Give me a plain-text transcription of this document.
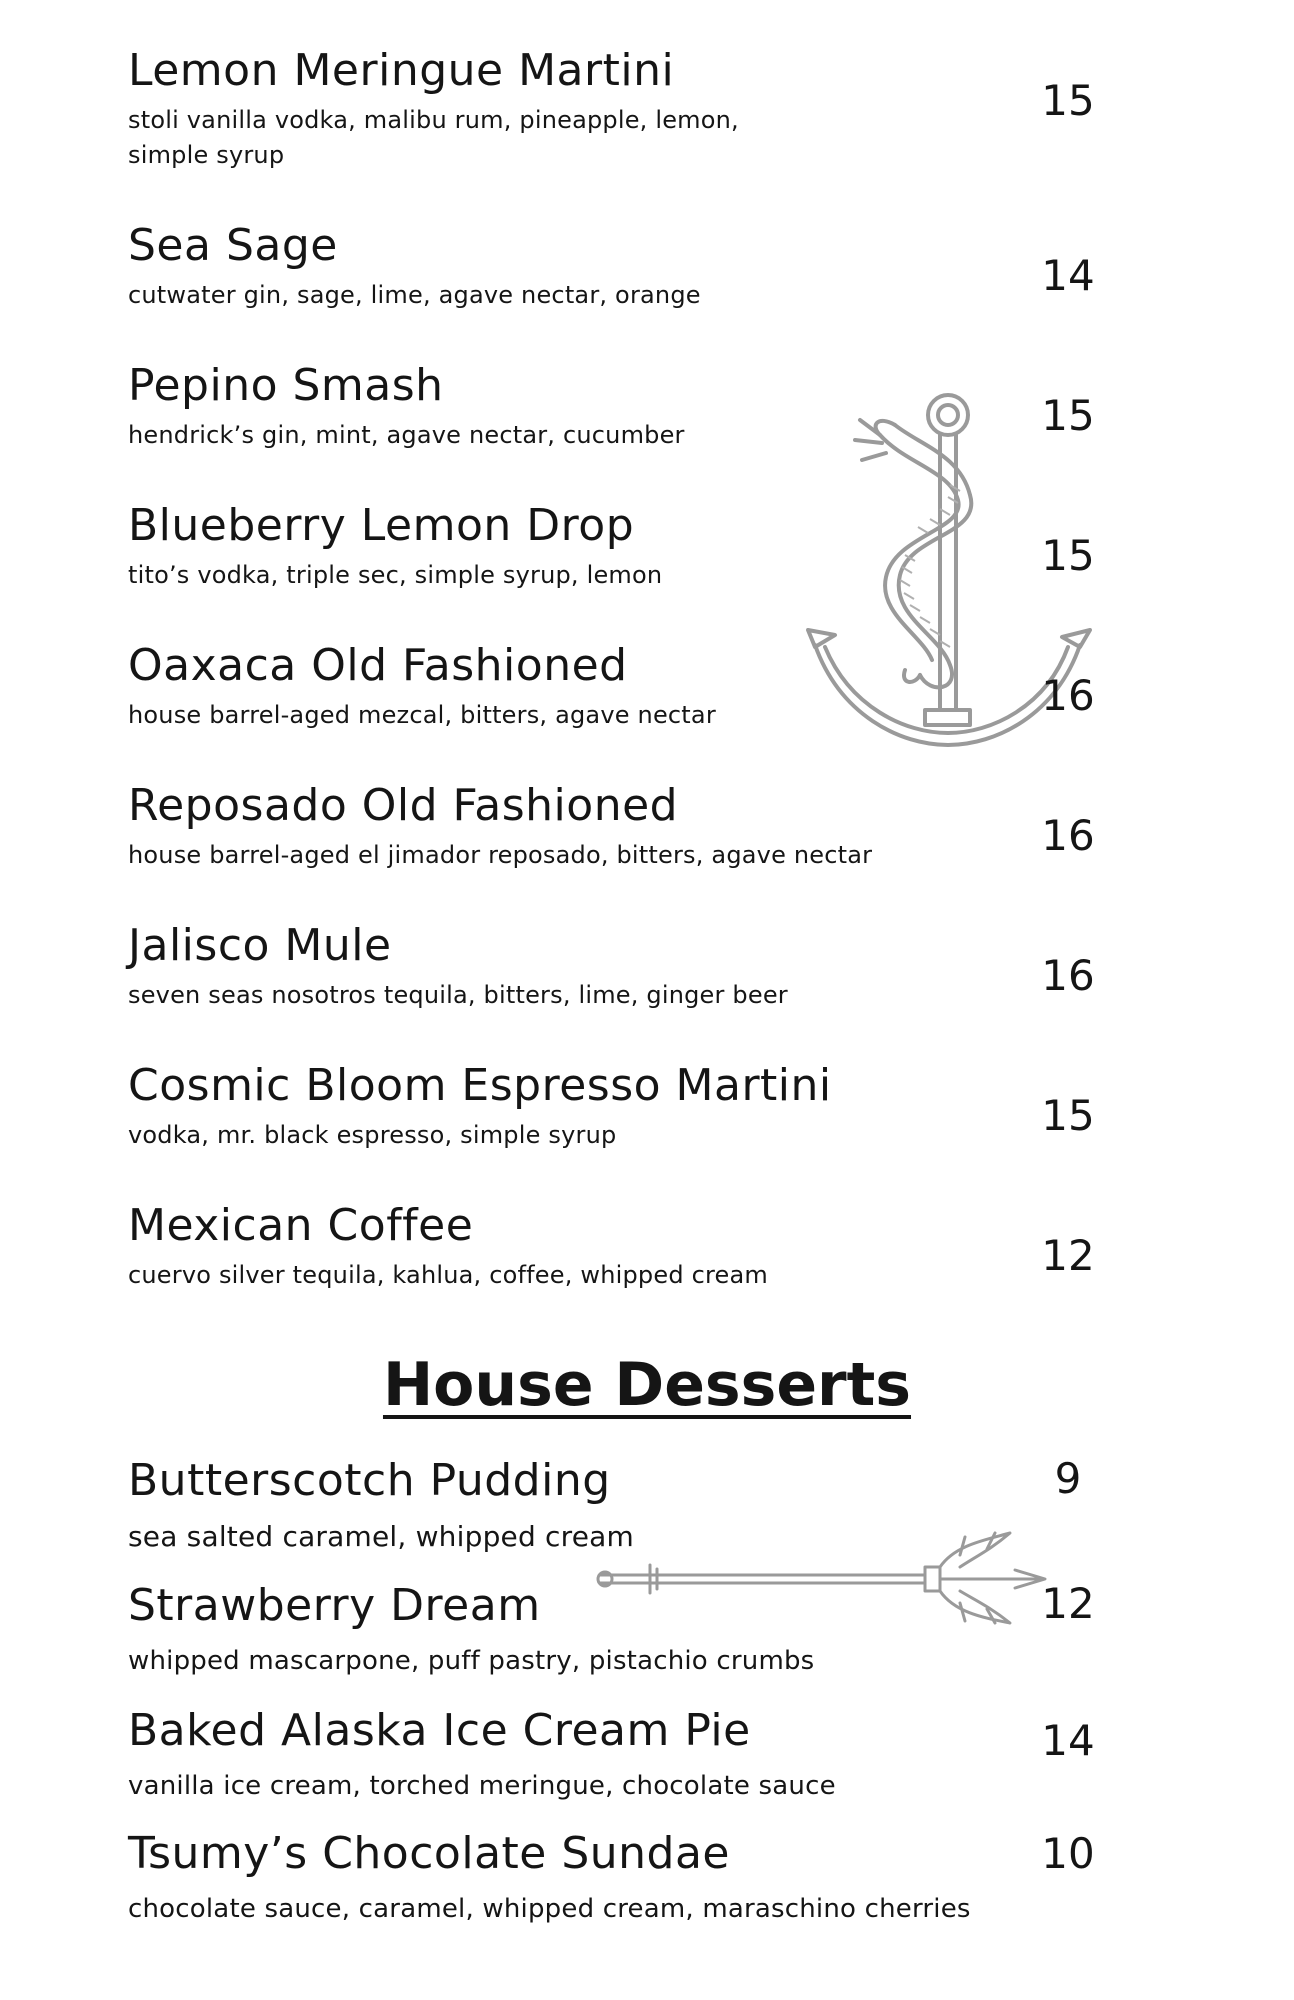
Lemon Meringue Martini
stoli vanilla vodka, malibu rum, pineapple, lemon, simple syrup
15
Sea Sage
cutwater gin, sage, lime, agave nectar, orange	14
Pepino Smash
hendrick’s gin, mint, agave nectar, cucumber	15
Blueberry Lemon Drop
tito’s vodka, triple sec, simple syrup, lemon	15
Oaxaca Old Fashioned
house barrel-aged mezcal, bitters, agave nectar	16
Reposado Old Fashioned
house barrel-aged el jimador reposado, bitters, agave nectar	16
Jalisco Mule
seven seas nosotros tequila, bitters, lime, ginger beer	16
Cosmic Bloom Espresso Martini
vodka, mr. black espresso, simple syrup	15
Mexican Coffee
cuervo silver tequila, kahlua, coffee, whipped cream	12
House Desserts
Butterscotch Pudding
sea salted caramel, whipped cream
9
Strawberry Dream
whipped mascarpone, puff pastry, pistachio crumbs
12
Baked Alaska Ice Cream Pie
vanilla ice cream, torched meringue, chocolate sauce
14
Tsumy’s Chocolate Sundae
chocolate sauce, caramel, whipped cream, maraschino cherries
10
